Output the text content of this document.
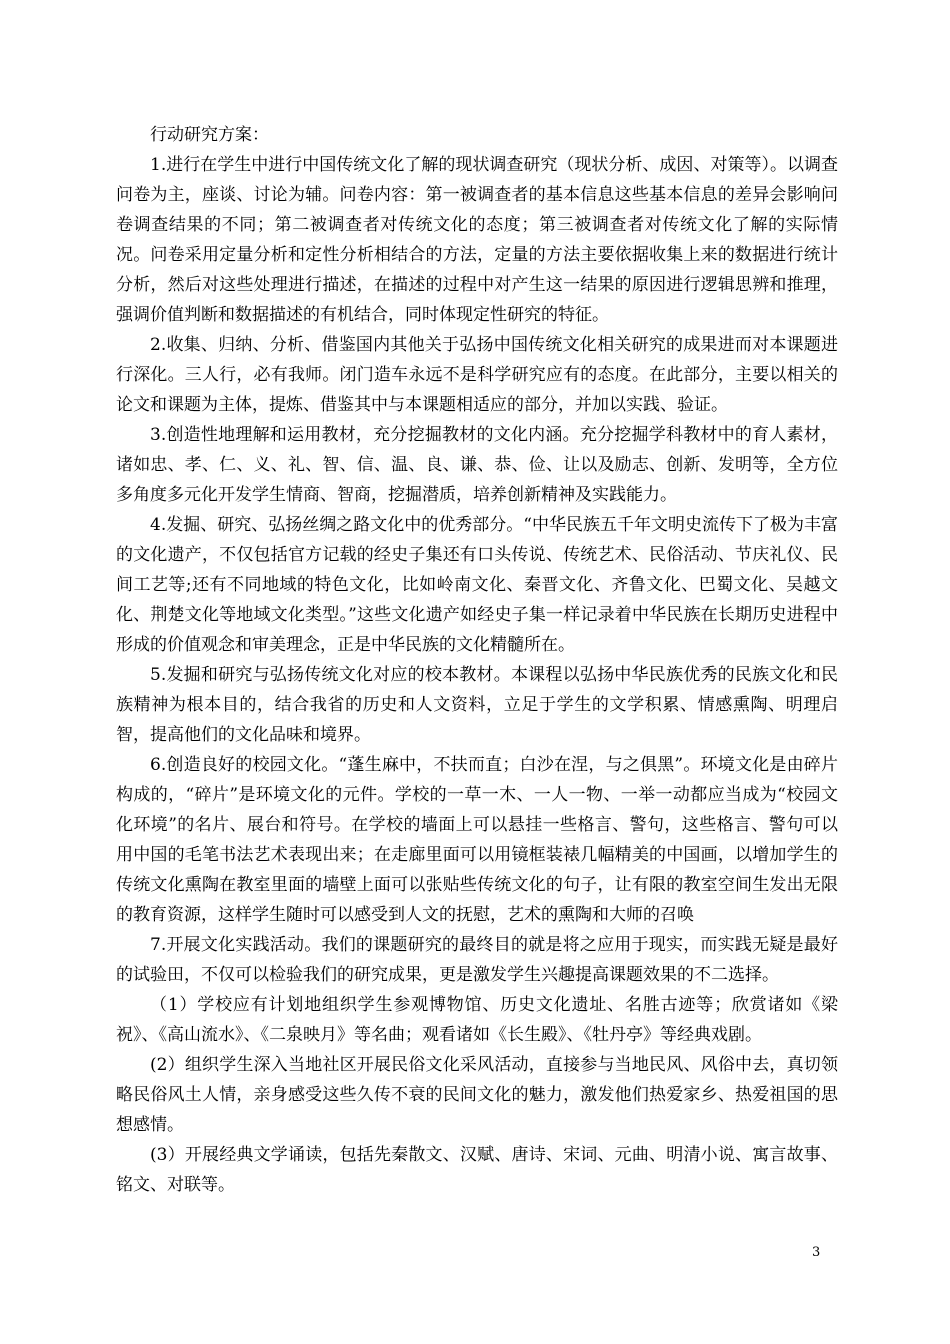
行动研究方案：

1.进行在学生中进行中国传统文化了解的现状调查研究（现状分析、成因、对策等）。以调查问卷为主，座谈、讨论为辅。问卷内容：第一被调查者的基本信息这些基本信息的差异会影响问卷调查结果的不同；第二被调查者对传统文化的态度；第三被调查者对传统文化了解的实际情况。问卷采用定量分析和定性分析相结合的方法，定量的方法主要依据收集上来的数据进行统计分析，然后对这些处理进行描述，在描述的过程中对产生这一结果的原因进行逻辑思辨和推理，强调价值判断和数据描述的有机结合，同时体现定性研究的特征。

2.收集、归纳、分析、借鉴国内其他关于弘扬中国传统文化相关研究的成果进而对本课题进行深化。三人行，必有我师。闭门造车永远不是科学研究应有的态度。在此部分，主要以相关的论文和课题为主体，提炼、借鉴其中与本课题相适应的部分，并加以实践、验证。

3.创造性地理解和运用教材，充分挖掘教材的文化内涵。充分挖掘学科教材中的育人素材，诸如忠、孝、仁、义、礼、智、信、温、良、谦、恭、俭、让以及励志、创新、发明等，全方位多角度多元化开发学生情商、智商，挖掘潜质，培养创新精神及实践能力。

4.发掘、研究、弘扬丝绸之路文化中的优秀部分。“中华民族五千年文明史流传下了极为丰富的文化遗产，不仅包括官方记载的经史子集还有口头传说、传统艺术、民俗活动、节庆礼仪、民间工艺等;还有不同地域的特色文化，比如岭南文化、秦晋文化、齐鲁文化、巴蜀文化、吴越文化、荆楚文化等地域文化类型。”这些文化遗产如经史子集一样记录着中华民族在长期历史进程中形成的价值观念和审美理念，正是中华民族的文化精髓所在。

5.发掘和研究与弘扬传统文化对应的校本教材。本课程以弘扬中华民族优秀的民族文化和民族精神为根本目的，结合我省的历史和人文资料，立足于学生的文学积累、情感熏陶、明理启智，提高他们的文化品味和境界。

6.创造良好的校园文化。“蓬生麻中，不扶而直；白沙在涅，与之俱黑”。环境文化是由碎片构成的，“碎片”是环境文化的元件。学校的一草一木、一人一物、一举一动都应当成为“校园文化环境”的名片、展台和符号。在学校的墙面上可以悬挂一些格言、警句，这些格言、警句可以用中国的毛笔书法艺术表现出来；在走廊里面可以用镜框装裱几幅精美的中国画，以增加学生的传统文化熏陶在教室里面的墙壁上面可以张贴些传统文化的句子，让有限的教室空间生发出无限的教育资源，这样学生随时可以感受到人文的抚慰，艺术的熏陶和大师的召唤

7.开展文化实践活动。我们的课题研究的最终目的就是将之应用于现实，而实践无疑是最好的试验田，不仅可以检验我们的研究成果，更是激发学生兴趣提高课题效果的不二选择。

（1）学校应有计划地组织学生参观博物馆、历史文化遗址、名胜古迹等；欣赏诸如《梁祝》、《高山流水》、《二泉映月》等名曲；观看诸如《长生殿》、《牡丹亭》等经典戏剧。

(2）组织学生深入当地社区开展民俗文化采风活动，直接参与当地民风、风俗中去，真切领略民俗风土人情，亲身感受这些久传不衰的民间文化的魅力，激发他们热爱家乡、热爱祖国的思想感情。

(3）开展经典文学诵读，包括先秦散文、汉赋、唐诗、宋词、元曲、明清小说、寓言故事、铭文、对联等。

3
